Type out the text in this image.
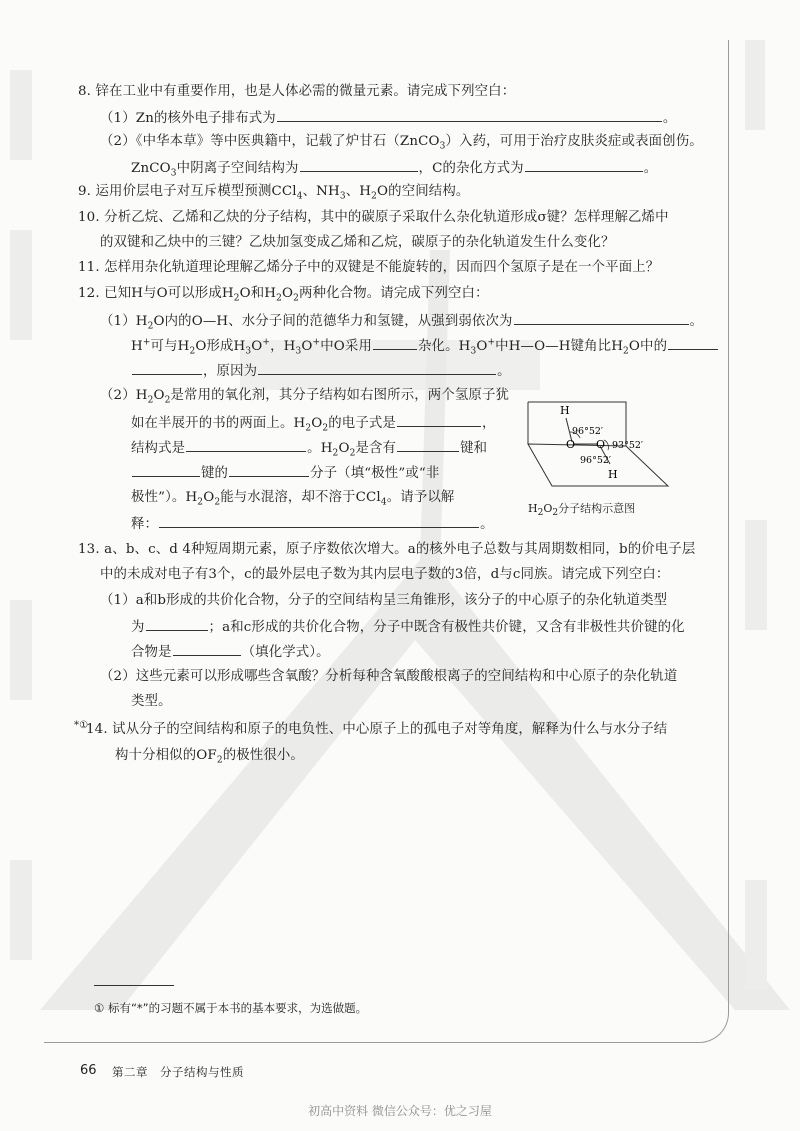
8. 锌在工业中有重要作用，也是人体必需的微量元素。请完成下列空白：
（1）Zn的核外电子排布式为	。
（2）《中华本草》等中医典籍中，记载了炉甘石（ZnCO$_3$）入药，可用于治疗皮肤炎症或表面创伤。
ZnCO$_3$中阴离子空间结构为	，C的杂化方式为	。
9. 运用价层电子对互斥模型预测CCl$_4$、$NH_3$、$H_2O$的空间结构。
10. 分析乙烷、乙烯和乙炔的分子结构，其中的碳原子采取什么杂化轨道形成σ键？怎样理解乙烯中
的双键和乙炔中的三键？乙炔加氢变成乙烯和乙烷，碳原子的杂化轨道发生什么变化？
11. 怎样用杂化轨道理论理解乙烯分子中的双键是不能旋转的，因而四个氢原子是在一个平面上？
12. 已知H与O可以形成$H_2O$和$H_2O_2$两种化合物。请完成下列空白：
$(1)H_2O$内的O—H、水分子间的范德华力和氢键，从强到弱依次为	。
H+可与$H_2O$形成$H_3O^+$，$H_3O^+$中O采用	杂化。$H_3O^+$中H—O—H键角比$H_2O$中的
，原因为	。
$(2)H_2O_2$是常用的氧化剂，其分子结构如右图所示，两个氢原子犹
如在半展开的书的两面上。$H_2O_2$的电子式是	，
结构式是	。$H_2O_2$是含有	键和
键的	分子（填“极性”或“非
极性”）。$H_2O_2$能与水混溶，却不溶于CCl$_4$。请予以解
释：	。
H
O O
H
96°52′
93°52′
96°52′
$H_2O_2$分子结构示意图
13. a、b、c、d 4种短周期元素，原子序数依次增大。a的核外电子总数与其周期数相同，b的价电子层
中的未成对电子有3个，c的最外层电子数为其内层电子数的3倍，d与c同族。请完成下列空白：
（1）a和b形成的共价化合物，分子的空间结构呈三角锥形，该分子的中心原子的杂化轨道类型
为	；a和c形成的共价化合物，分子中既含有极性共价键，又含有非极性共价键的化
合物是	（填化学式）。
（2）这些元素可以形成哪些含氧酸？分析每种含氧酸酸根离子的空间结构和中心原子的杂化轨道
类型。
*①
14. 试从分子的空间结构和原子的电负性、中心原子上的孤电子对等角度，解释为什么与水分子结
构十分相似的$OF_2$的极性很小。
① 标有“*”的习题不属于本书的基本要求，为选做题。
66 第二章　分子结构与性质
初高中资料 微信公众号：优之习屋
